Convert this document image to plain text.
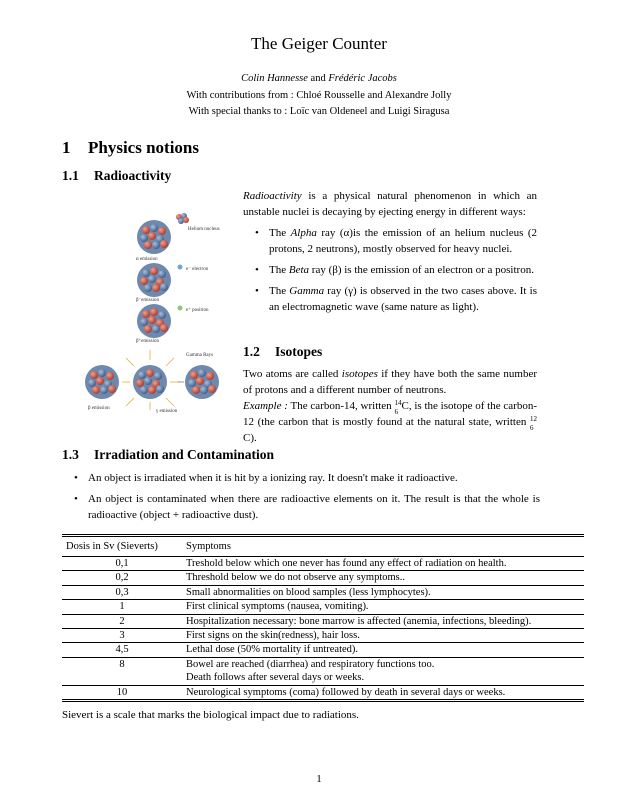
The Geiger Counter
Colin Hannesse and Frédéric Jacobs
With contributions from : Chloé Rousselle and Alexandre Jolly
With special thanks to : Loïc van Oldeneel and Luigi Siragusa
1 Physics notions
1.1 Radioactivity
Helium nucleus
α emission
e⁻ electron
β⁻emission
e⁺ positron
β⁺emission
Gamma Rays
β emission
γ emission
Radioactivity is a physical natural phenomenon in which an unstable nuclei is decaying by ejecting energy in different ways:
• The Alpha ray (α)is the emission of an helium nucleus (2 protons, 2 neutrons), mostly observed for heavy nuclei.
• The Beta ray (β) is the emission of an electron or a positron.
• The Gamma ray (γ) is observed in the two cases above. It is an electromagnetic wave (same nature as light).
1.2 Isotopes
Two atoms are called isotopes if they have both the same number of protons and a different number of neutrons.
Example : The carbon-14, written 14
6 C, is the isotope of the carbon-12 (the carbon that is mostly found at the natural state, written 12
6
C).
1.3 Irradiation and Contamination
• An object is irradiated when it is hit by a ionizing ray. It doesn't make it radioactive.
• An object is contaminated when there are radioactive elements on it. The result is that the whole is radioactive (object + radioactive dust).
Dosis in Sv (Sieverts)	Symptoms
0,1	Treshold below which one never has found any effect of radiation on health.
0,2	Threshold below we do not observe any symptoms..
0,3	Small abnormalities on blood samples (less lymphocytes).
1	First clinical symptoms (nausea, vomiting).
2	Hospitalization necessary: bone marrow is affected (anemia, infections, bleeding).
3	First signs on the skin(redness), hair loss.
4,5	Lethal dose (50% mortality if untreated).
8	Bowel are reached (diarrhea) and respiratory functions too.
Death follows after several days or weeks.

10	Neurological symptoms (coma) followed by death in several days or weeks.
Sievert is a scale that marks the biological impact due to radiations.
1
